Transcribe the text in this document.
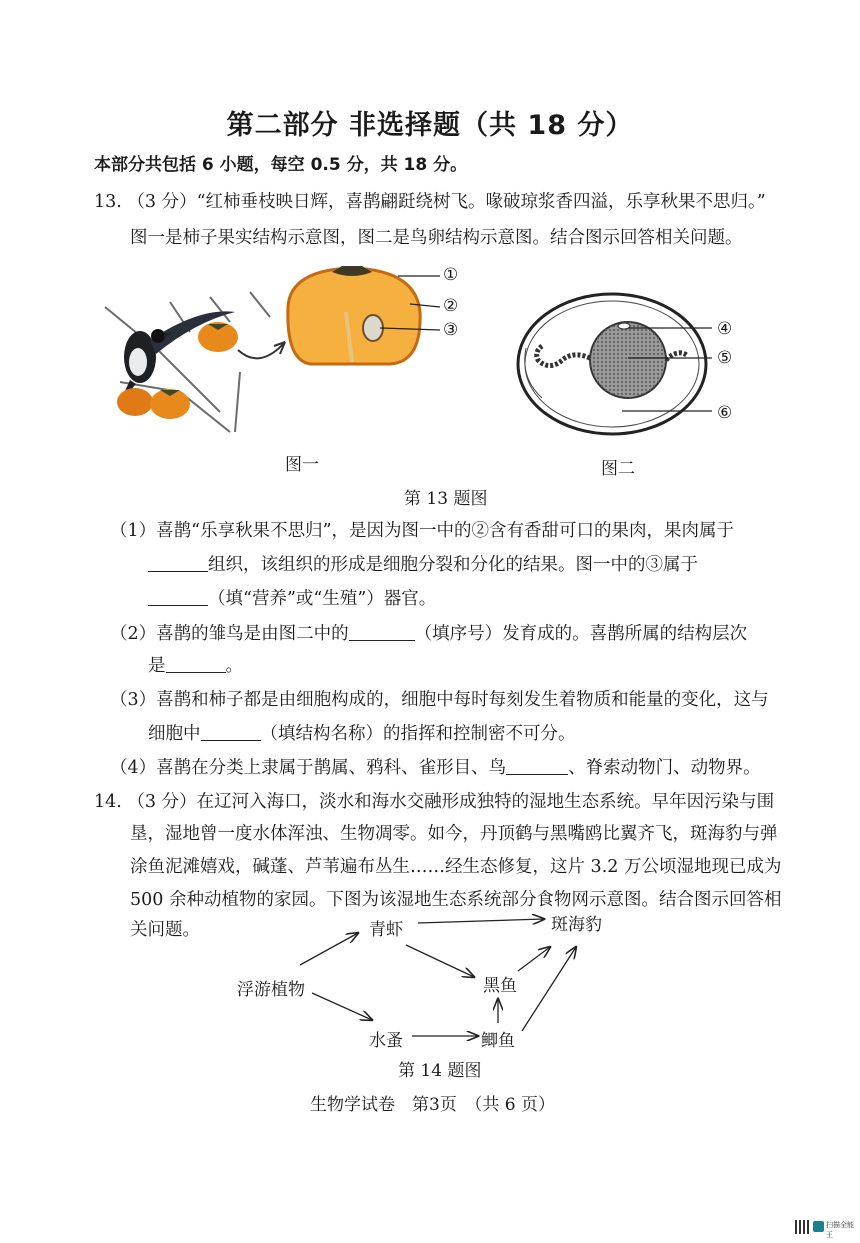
第二部分 非选择题（共 18 分）
本部分共包括 6 小题，每空 0.5 分，共 18 分。
13. （3 分）“红柿垂枝映日辉，喜鹊翩跹绕树飞。喙破琼浆香四溢，乐享秋果不思归。”
图一是柿子果实结构示意图，图二是鸟卵结构示意图。结合图示回答相关问题。
①
②
③	④
⑤
⑥
图一	图二
第 13 题图
（1）喜鹊“乐享秋果不思归”，是因为图一中的②含有香甜可口的果肉，果肉属于
组织，该组织的形成是细胞分裂和分化的结果。图一中的③属于
（填“营养”或“生殖”）器官。
（2）喜鹊的雏鸟是由图二中的	（填序号）发育成的。喜鹊所属的结构层次
是	。
（3）喜鹊和柿子都是由细胞构成的，细胞中每时每刻发生着物质和能量的变化，这与
细胞中	（填结构名称）的指挥和控制密不可分。
（4）喜鹊在分类上隶属于鹊属、鸦科、雀形目、鸟	、脊索动物门、动物界。
14. （3 分）在辽河入海口，淡水和海水交融形成独特的湿地生态系统。早年因污染与围
垦，湿地曾一度水体浑浊、生物凋零。如今，丹顶鹤与黑嘴鸥比翼齐飞，斑海豹与弹
涂鱼泥滩嬉戏，碱蓬、芦苇遍布丛生……经生态修复，这片 3.2 万公顷湿地现已成为
500 余种动植物的家园。下图为该湿地生态系统部分食物网示意图。结合图示回答相
关问题。	青虾	斑海豹
浮游植物	黑鱼
水蚤	鲫鱼
第 14 题图
生物学试卷　第3页　（共 6 页）
扫描全能王
